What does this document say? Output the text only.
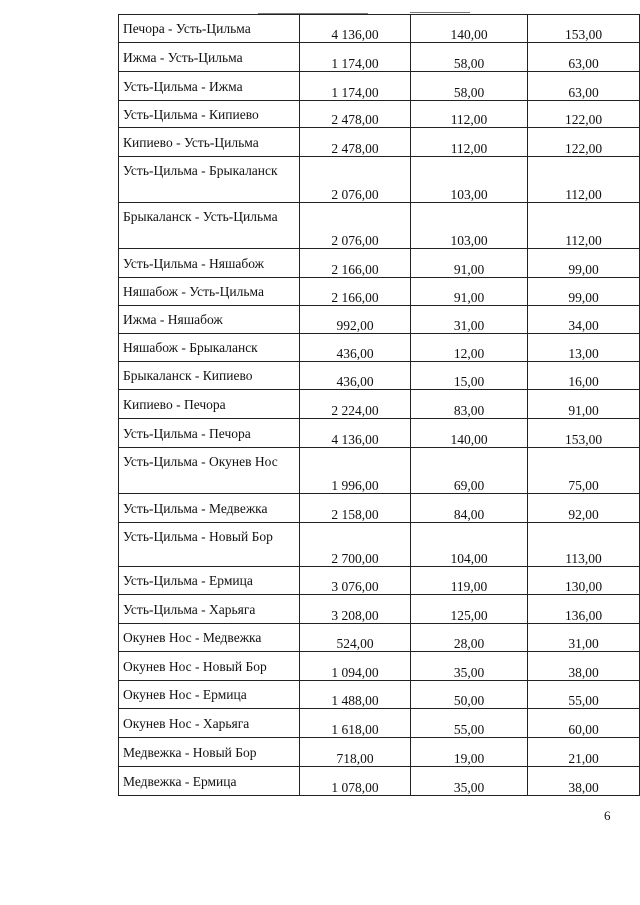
Печора - Усть-Цильма	4 136,00	140,00	153,00
Ижма - Усть-Цильма	1 174,00	58,00	63,00
Усть-Цильма - Ижма	1 174,00	58,00	63,00
Усть-Цильма - Кипиево	2 478,00	112,00	122,00
Кипиево - Усть-Цильма	2 478,00	112,00	122,00
Усть-Цильма - Брыкаланск	2 076,00	103,00	112,00
Брыкаланск - Усть-Цильма	2 076,00	103,00	112,00
Усть-Цильма - Няшабож	2 166,00	91,00	99,00
Няшабож - Усть-Цильма	2 166,00	91,00	99,00
Ижма - Няшабож	992,00	31,00	34,00
Няшабож - Брыкаланск	436,00	12,00	13,00
Брыкаланск - Кипиево	436,00	15,00	16,00
Кипиево - Печора	2 224,00	83,00	91,00
Усть-Цильма - Печора	4 136,00	140,00	153,00
Усть-Цильма - Окунев Нос	1 996,00	69,00	75,00
Усть-Цильма - Медвежка	2 158,00	84,00	92,00
Усть-Цильма - Новый Бор	2 700,00	104,00	113,00
Усть-Цильма - Ермица	3 076,00	119,00	130,00
Усть-Цильма - Харьяга	3 208,00	125,00	136,00
Окунев Нос - Медвежка	524,00	28,00	31,00
Окунев Нос - Новый Бор	1 094,00	35,00	38,00
Окунев Нос - Ермица	1 488,00	50,00	55,00
Окунев Нос - Харьяга	1 618,00	55,00	60,00
Медвежка - Новый Бор	718,00	19,00	21,00
Медвежка - Ермица	1 078,00	35,00	38,00
6
